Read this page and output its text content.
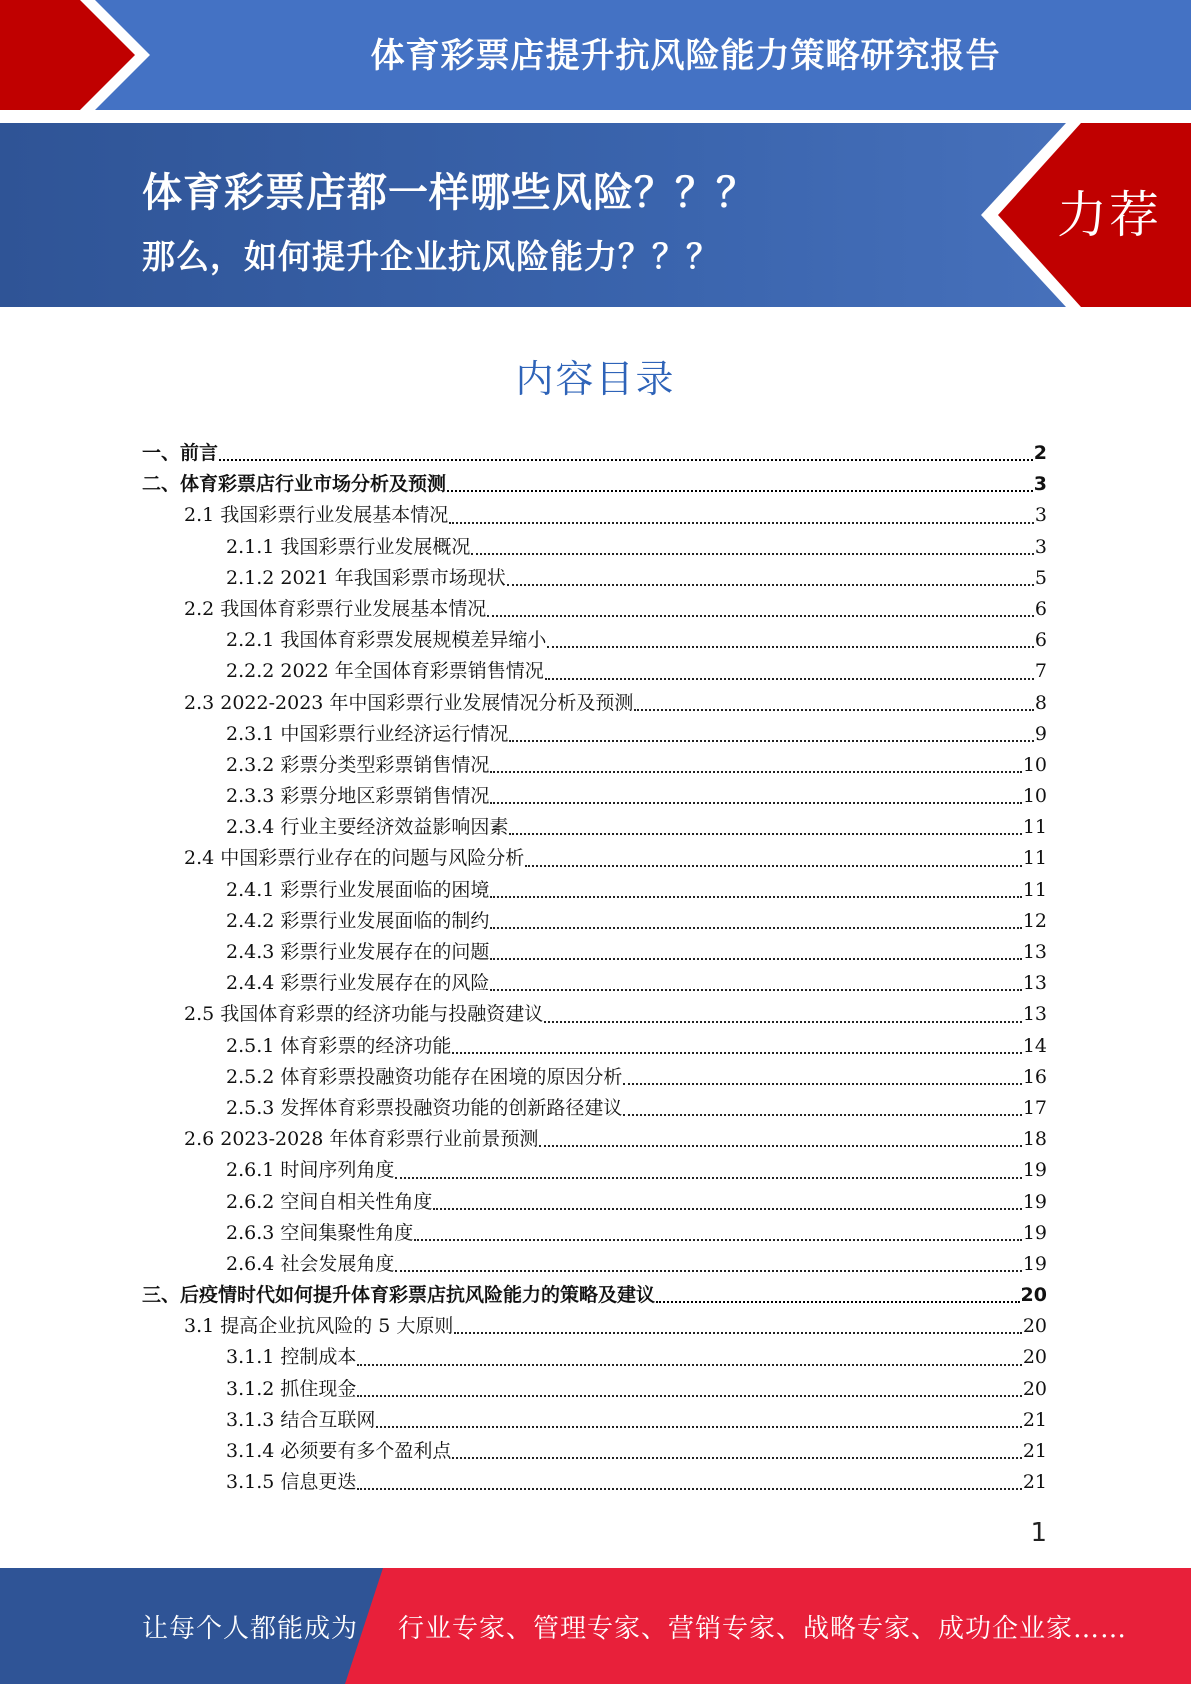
体育彩票店提升抗风险能力策略研究报告
体育彩票店都一样哪些风险？？？
那么，如何提升企业抗风险能力？？？
力荐
内容目录
一、前言	2
二、体育彩票店行业市场分析及预测	3
2.1 我国彩票行业发展基本情况	3
2.1.1 我国彩票行业发展概况	3
2.1.2 2021 年我国彩票市场现状	5
2.2 我国体育彩票行业发展基本情况	6
2.2.1 我国体育彩票发展规模差异缩小	6
2.2.2 2022 年全国体育彩票销售情况	7
2.3 2022-2023 年中国彩票行业发展情况分析及预测	8
2.3.1 中国彩票行业经济运行情况	9
2.3.2 彩票分类型彩票销售情况	10
2.3.3 彩票分地区彩票销售情况	10
2.3.4 行业主要经济效益影响因素	11
2.4 中国彩票行业存在的问题与风险分析	11
2.4.1 彩票行业发展面临的困境	11
2.4.2 彩票行业发展面临的制约	12
2.4.3 彩票行业发展存在的问题	13
2.4.4 彩票行业发展存在的风险	13
2.5 我国体育彩票的经济功能与投融资建议	13
2.5.1 体育彩票的经济功能	14
2.5.2 体育彩票投融资功能存在困境的原因分析	16
2.5.3 发挥体育彩票投融资功能的创新路径建议	17
2.6 2023-2028 年体育彩票行业前景预测	18
2.6.1 时间序列角度	19
2.6.2 空间自相关性角度	19
2.6.3 空间集聚性角度	19
2.6.4 社会发展角度	19
三、后疫情时代如何提升体育彩票店抗风险能力的策略及建议	20
3.1 提高企业抗风险的 5 大原则	20
3.1.1 控制成本	20
3.1.2 抓住现金	20
3.1.3 结合互联网	21
3.1.4 必须要有多个盈利点	21
3.1.5 信息更迭	21
1
让每个人都能成为 行业专家、管理专家、营销专家、战略专家、成功企业家……
